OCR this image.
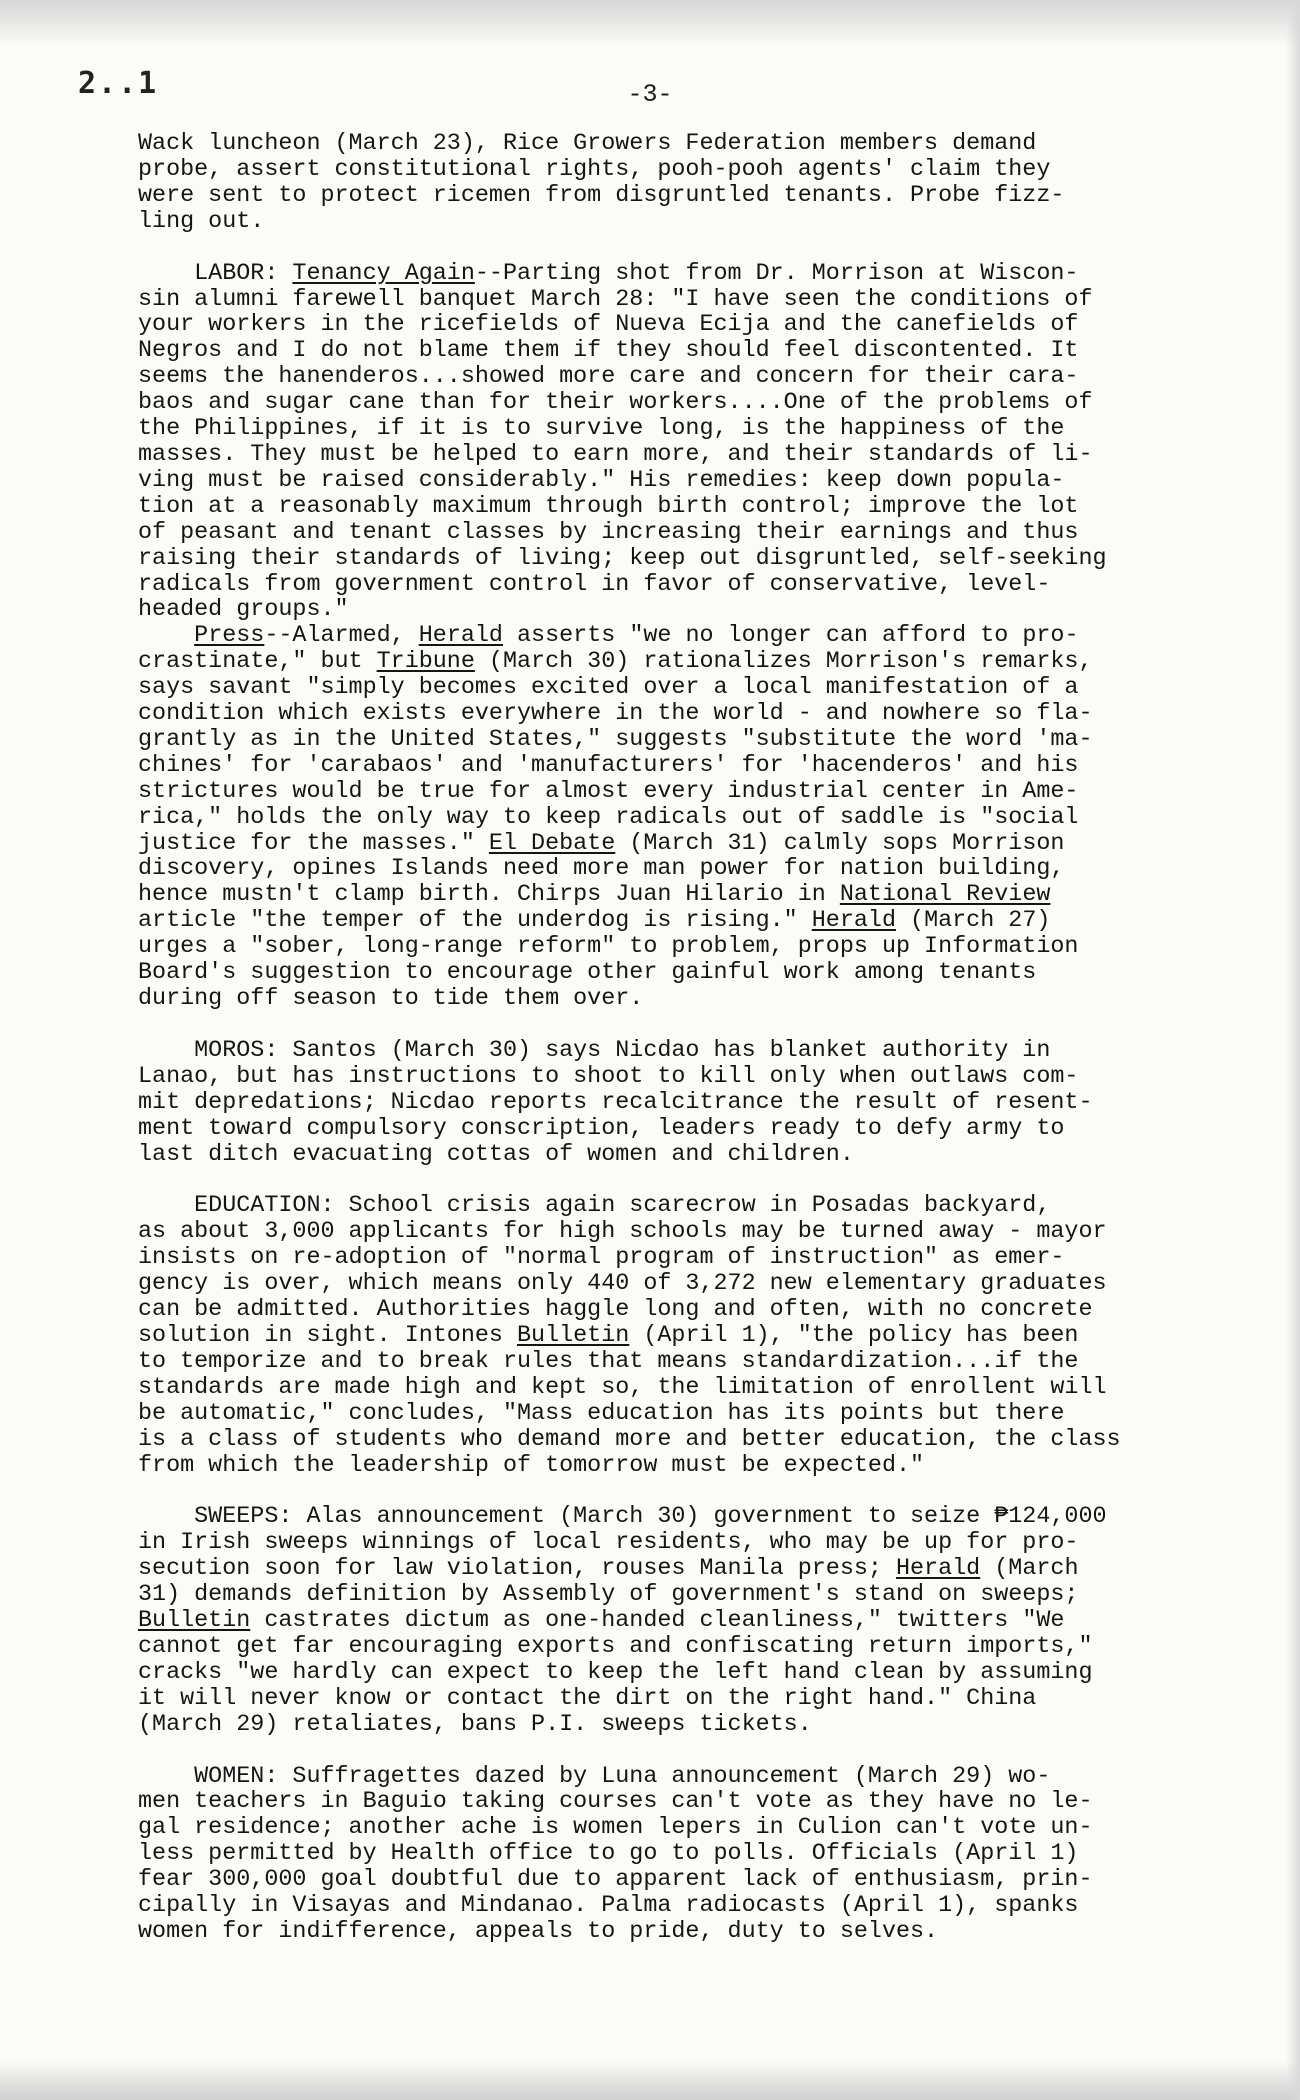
2..1	-3-

Wack luncheon (March 23), Rice Growers Federation members demand
probe, assert constitutional rights, pooh-pooh agents' claim they
were sent to protect ricemen from disgruntled tenants. Probe fizz-
ling out.

LABOR: Tenancy Again--Parting shot from Dr. Morrison at Wiscon-
sin alumni farewell banquet March 28: "I have seen the conditions of
your workers in the ricefields of Nueva Ecija and the canefields of
Negros and I do not blame them if they should feel discontented. It
seems the hanenderos...showed more care and concern for their cara-
baos and sugar cane than for their workers....One of the problems of
the Philippines, if it is to survive long, is the happiness of the
masses. They must be helped to earn more, and their standards of li-
ving must be raised considerably." His remedies: keep down popula-
tion at a reasonably maximum through birth control; improve the lot
of peasant and tenant classes by increasing their earnings and thus
raising their standards of living; keep out disgruntled, self-seeking
radicals from government control in favor of conservative, level-
headed groups."

Press--Alarmed, Herald asserts "we no longer can afford to pro-
crastinate," but Tribune (March 30) rationalizes Morrison's remarks,
says savant "simply becomes excited over a local manifestation of a
condition which exists everywhere in the world - and nowhere so fla-
grantly as in the United States," suggests "substitute the word 'ma-
chines' for 'carabaos' and 'manufacturers' for 'hacenderos' and his
strictures would be true for almost every industrial center in Ame-
rica," holds the only way to keep radicals out of saddle is "social
justice for the masses." El Debate (March 31) calmly sops Morrison
discovery, opines Islands need more man power for nation building,
hence mustn't clamp birth. Chirps Juan Hilario in National Review
article "the temper of the underdog is rising." Herald (March 27)
urges a "sober, long-range reform" to problem, props up Information
Board's suggestion to encourage other gainful work among tenants
during off season to tide them over.

MOROS: Santos (March 30) says Nicdao has blanket authority in
Lanao, but has instructions to shoot to kill only when outlaws com-
mit depredations; Nicdao reports recalcitrance the result of resent-
ment toward compulsory conscription, leaders ready to defy army to
last ditch evacuating cottas of women and children.

EDUCATION: School crisis again scarecrow in Posadas backyard,
as about 3,000 applicants for high schools may be turned away - mayor
insists on re-adoption of "normal program of instruction" as emer-
gency is over, which means only 440 of 3,272 new elementary graduates
can be admitted. Authorities haggle long and often, with no concrete
solution in sight. Intones Bulletin (April 1), "the policy has been
to temporize and to break rules that means standardization...if the
standards are made high and kept so, the limitation of enrollent will
be automatic," concludes, "Mass education has its points but there
is a class of students who demand more and better education, the class
from which the leadership of tomorrow must be expected."

SWEEPS: Alas announcement (March 30) government to seize ₱124,000
in Irish sweeps winnings of local residents, who may be up for pro-
secution soon for law violation, rouses Manila press; Herald (March
31) demands definition by Assembly of government's stand on sweeps;
Bulletin castrates dictum as one-handed cleanliness," twitters "We
cannot get far encouraging exports and confiscating return imports,"
cracks "we hardly can expect to keep the left hand clean by assuming
it will never know or contact the dirt on the right hand." China
(March 29) retaliates, bans P.I. sweeps tickets.

WOMEN: Suffragettes dazed by Luna announcement (March 29) wo-
men teachers in Baguio taking courses can't vote as they have no le-
gal residence; another ache is women lepers in Culion can't vote un-
less permitted by Health office to go to polls. Officials (April 1)
fear 300,000 goal doubtful due to apparent lack of enthusiasm, prin-
cipally in Visayas and Mindanao. Palma radiocasts (April 1), spanks
women for indifference, appeals to pride, duty to selves.
